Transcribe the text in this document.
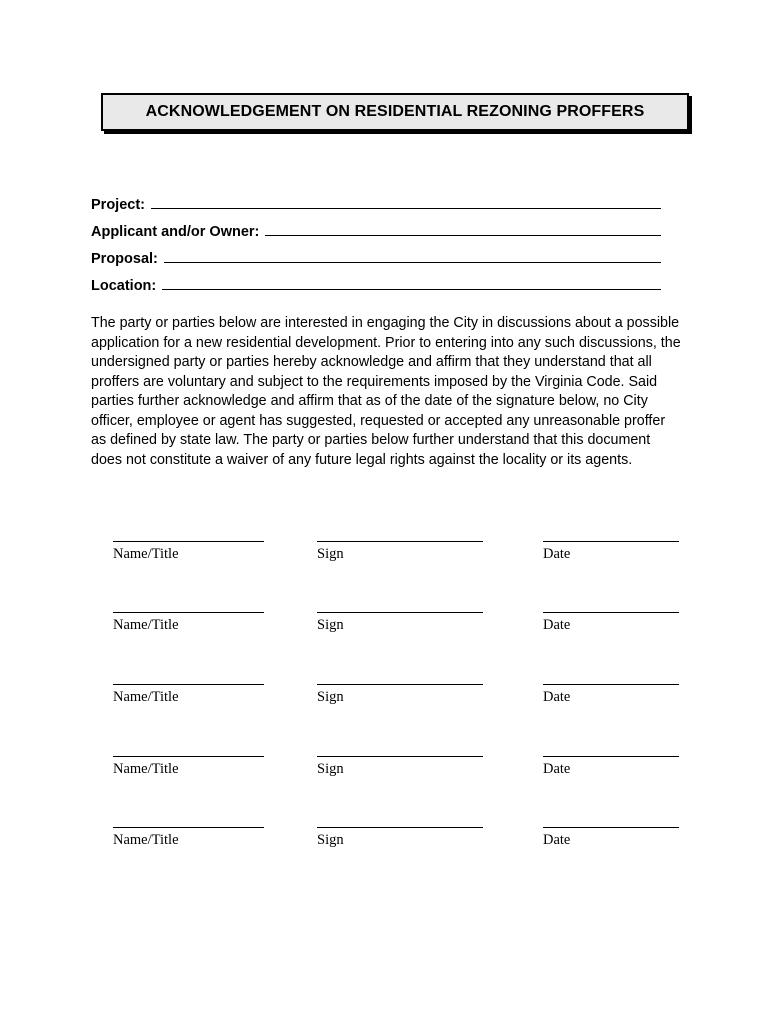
ACKNOWLEDGEMENT ON RESIDENTIAL REZONING PROFFERS
Project:
Applicant and/or Owner:
Proposal:
Location:

The party or parties below are interested in engaging the City in discussions about a possible application for a new residential development. Prior to entering into any such discussions, the undersigned party or parties hereby acknowledge and affirm that they understand that all proffers are voluntary and subject to the requirements imposed by the Virginia Code. Said parties further acknowledge and affirm that as of the date of the signature below, no City officer, employee or agent has suggested, requested or accepted any unreasonable proffer as defined by state law. The party or parties below further understand that this document does not constitute a waiver of any future legal rights against the locality or its agents.

Name/Title	Sign	Date
Name/Title	Sign	Date
Name/Title	Sign	Date
Name/Title	Sign	Date
Name/Title	Sign	Date
